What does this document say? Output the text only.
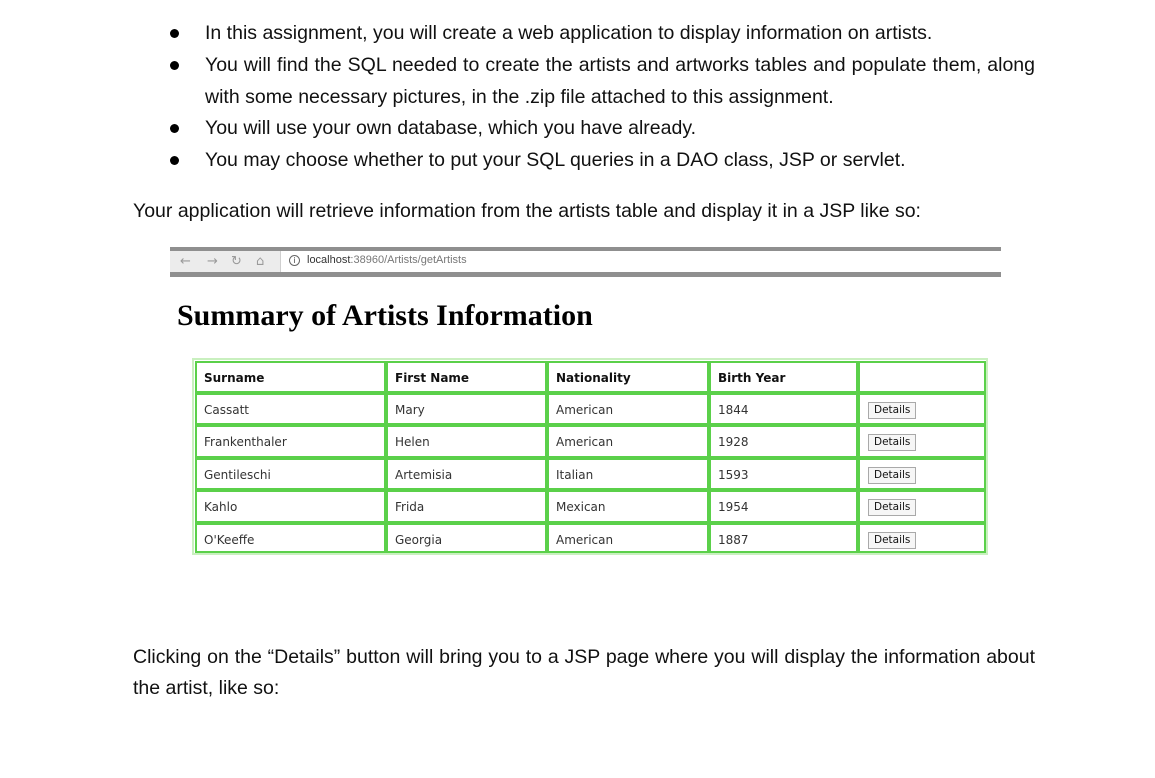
In this assignment, you will create a web application to display information on artists.
You will find the SQL needed to create the artists and artworks tables and populate them, along with some necessary pictures, in the .zip file attached to this assignment.
You will use your own database, which you have already.
You may choose whether to put your SQL queries in a DAO class, JSP or servlet.
Your application will retrieve information from the artists table and display it in a JSP like so:
← → ↻ ⌂	i	localhost:38960/Artists/getArtists
Summary of Artists Information
Surname	First Name	Nationality	Birth Year
Cassatt	Mary	American	1844	Details
Frankenthaler	Helen	American	1928	Details
Gentileschi	Artemisia	Italian	1593	Details
Kahlo	Frida	Mexican	1954	Details
O'Keeffe	Georgia	American	1887	Details
Clicking on the “Details” button will bring you to a JSP page where you will display the information about the artist, like so:
